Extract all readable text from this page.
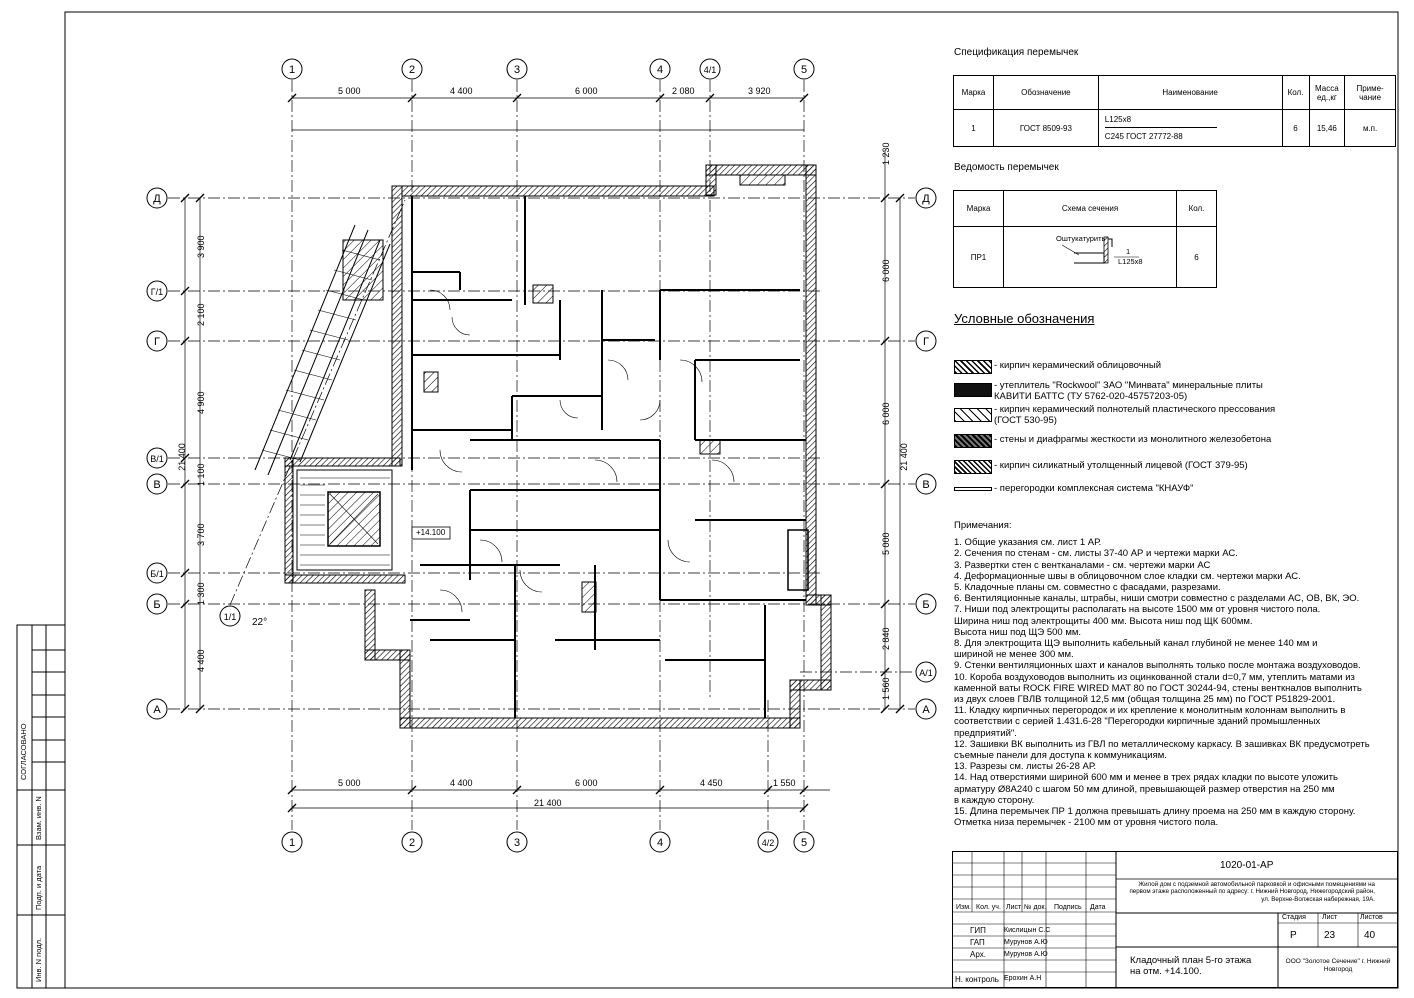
1	2	3	4	4/1	5
1	2	3	4	4/2 5
Д
Г/1
Г
В/1
В
Б/1
Б
А
Д
Г
В
Б
А/1
А
1/1
+14.100
22°
21 400
21 400	21 400
5 000	4 400	6 000	2 080	3 920
5 000	4 400	6 000	4 450	1 550
3 900
2 100
4 900
1 100
3 700
1 300
4 400
1 230
6 000
6 000
5 000
2 840
1 560
Спецификация перемычек
Марка	Обозначение	Наименование	Кол.	Масса ед.,кг	Приме-чание
1	ГОСТ 8509-93	L125x8
С245 ГОСТ 27772-88	6	15,46	м.п.
Ведомость перемычек
Марка	Схема сечения	Кол.
ПР1	Оштукатурить
1
L125x8	6
Условные обозначения
- кирпич керамический облицовочный
- утеплитель "Rockwool" ЗАО "Минвата" минеральные плиты КАВИТИ БАТТС (ТУ 5762-020-45757203-05)
- кирпич керамический полнотелый пластического прессования (ГОСТ 530-95)
- стены и диафрагмы жесткости из монолитного железобетона
- кирпич силикатный утолщенный лицевой (ГОСТ 379-95)
- перегородки комплексная система "КНАУФ"
Примечания:
1. Общие указания см. лист 1 АР.
2. Сечения по стенам - см. листы 37-40 АР и чертежи марки АС.
3. Развертки стен с вентканалами - см. чертежи марки АС
4. Деформационные швы в облицовочном слое кладки см. чертежи марки АС.
5. Кладочные планы см. совместно с фасадами, разрезами.
6. Вентиляционные каналы, штрабы, ниши смотри совместно с разделами АС, ОВ, ВК, ЭО.
7. Ниши под электрощиты располагать на высоте 1500 мм от уровня чистого пола.
Ширина ниш под электрощиты 400 мм. Высота ниш под ЩК 600мм.
Высота ниш под ЩЭ 500 мм.
8. Для электрощита ЩЭ выполнить кабельный канал глубиной не менее 140 мм и
шириной не менее 300 мм.
9. Стенки вентиляционных шахт и каналов выполнять только после монтажа воздуховодов.
10. Короба воздуховодов выполнить из оцинкованной стали d=0,7 мм, утеплить матами из
каменной ваты ROCK FIRE WIRED MAT 80 по ГОСТ 30244-94, стены венткналов выполнить
из двух слоев ГВЛВ толщиной 12,5 мм (общая толщина 25 мм) по ГОСТ Р51829-2001.
11. Кладку кирпичных перегородок и их крепление к монолитным колоннам выполнить в
соответствии с серией 1.431.6-28 "Перегородки кирпичные зданий промышленных
предприятий".
12. Зашивки ВК выполнить из ГВЛ по металлическому каркасу. В зашивках ВК предусмотреть
съемные панели для доступа к коммуникациям.
13. Разрезы см. листы 26-28 АР.
14. Над отверстиями шириной 600 мм и менее в трех рядах кладки по высоте уложить
арматуру Ø8A240 с шагом 50 мм длиной, превышающей размер отверстия на 250 мм
в каждую сторону.
15. Длина перемычек ПР 1 должна превышать длину проема на 250 мм в каждую сторону.
Отметка низа перемычек - 2100 мм от уровня чистого пола.
1020-01-АР
Жилой дом с подземной автомобильной парковкой и офисными помещениями на первом этаже расположенный по адресу: г. Нижний Новгород, Нижегородский район, ул. Верхне-Волжская набережная, 19А.
Изм. Кол. уч. Лист № док. Подпись Дата
ГИП	Кислицын С.С
ГАП	Мурунов А.Ю
Арх.	Мурунов А.Ю
Н. контроль Ерохин А.Н
Кладочный план 5-го этажа на отм. +14.100.
Стадия Лист	Листов
Р	23	40
ООО "Золотое Сечение" г. Нижний Новгород
СОГЛАСОВАНО
Взам. инв. N
Подп. и дата
Инв. N подл.
